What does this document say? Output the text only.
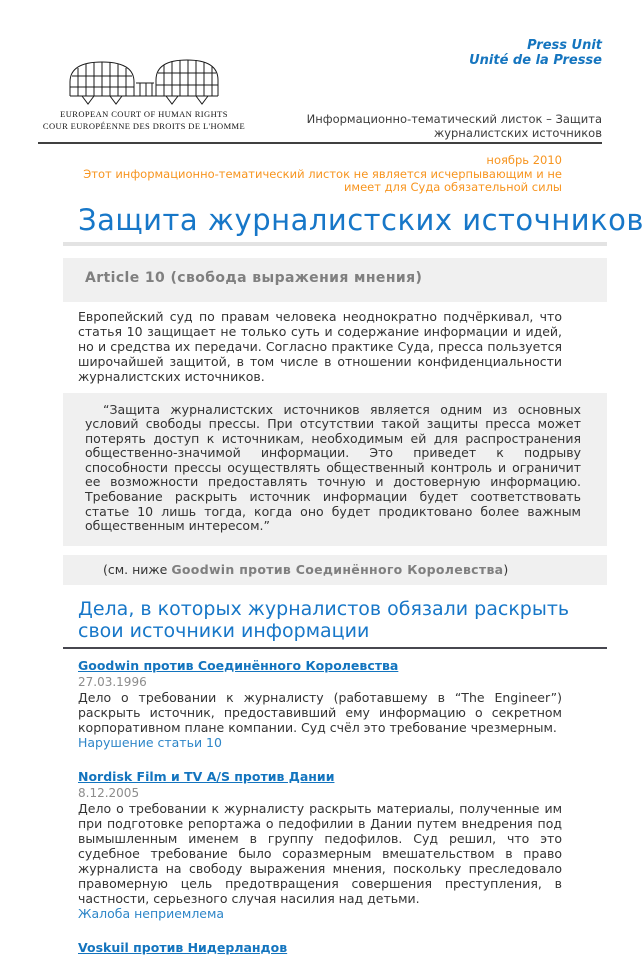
Press Unit
Unité de la Presse
EUROPEAN COURT OF HUMAN RIGHTS
COUR EUROPÉENNE DES DROITS DE L'HOMME	Информационно-тематический листок – Защита журналистских источников
ноябрь 2010
Этот информационно-тематический листок не является исчерпывающим и не имеет для Суда обязательной силы
Защита журналистских источников
Article 10 (свобода выражения мнения)

Европейский суд по правам человека неоднократно подчёркивал, что статья 10 защищает не только суть и содержание информации и идей, но и средства их передачи. Согласно практике Суда, пресса пользуется широчайшей защитой, в том числе в отношении конфиденциальности журналистских источников.

“Защита журналистских источников является одним из основных условий свободы прессы. При отсутствии такой защиты пресса может потерять доступ к источникам, необходимым ей для распространения общественно-значимой информации. Это приведет к подрыву способности прессы осуществлять общественный контроль и ограничит ее возможности предоставлять точную и достоверную информацию. Требование раскрыть источник информации будет соответствовать статье 10 лишь тогда, когда оно будет продиктовано более важным общественным интересом.”
(см. ниже Goodwin против Соединённого Королевства)
Дела, в которых журналистов обязали раскрыть свои источники информации
Goodwin против Соединённого Королевства
27.03.1996
Дело о требовании к журналисту (работавшему в “The Engineer”) раскрыть источник, предоставивший ему информацию о секретном корпоративном плане компании. Суд счёл это требование чрезмерным.
Нарушение статьи 10
Nordisk Film и TV A/S против Дании
8.12.2005
Дело о требовании к журналисту раскрыть материалы, полученные им при подготовке репортажа о педофилии в Дании путем внедрения под вымышленным именем в группу педофилов. Суд решил, что это судебное требование было соразмерным вмешательством в право журналиста на свободу выражения мнения, поскольку преследовало правомерную цель предотвращения совершения преступления, в частности, серьезного случая насилия над детьми.
Жалоба неприемлема
Voskuil против Нидерландов
